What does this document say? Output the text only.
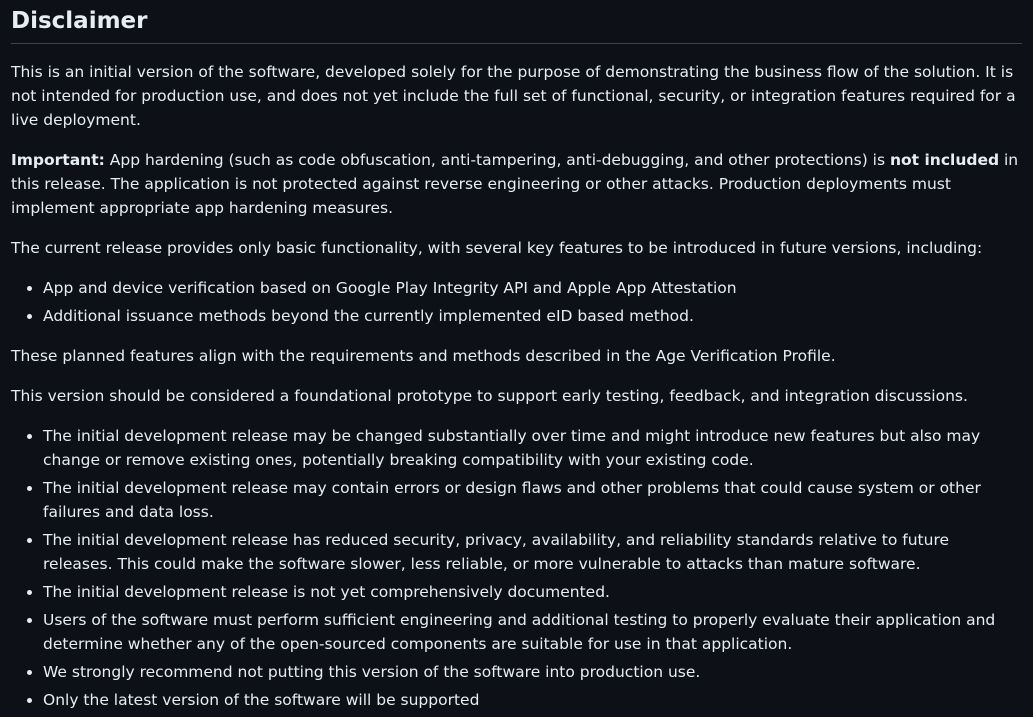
Disclaimer

This is an initial version of the software, developed solely for the purpose of demonstrating the business flow of the solution. It is not intended for production use, and does not yet include the full set of functional, security, or integration features required for a live deployment.

Important: App hardening (such as code obfuscation, anti-tampering, anti-debugging, and other protections) is not included in this release. The application is not protected against reverse engineering or other attacks. Production deployments must implement appropriate app hardening measures.

The current release provides only basic functionality, with several key features to be introduced in future versions, including:

• App and device verification based on Google Play Integrity API and Apple App Attestation
• Additional issuance methods beyond the currently implemented eID based method.

These planned features align with the requirements and methods described in the Age Verification Profile.

This version should be considered a foundational prototype to support early testing, feedback, and integration discussions.

• The initial development release may be changed substantially over time and might introduce new features but also may change or remove existing ones, potentially breaking compatibility with your existing code.
• The initial development release may contain errors or design flaws and other problems that could cause system or other failures and data loss.
• The initial development release has reduced security, privacy, availability, and reliability standards relative to future releases. This could make the software slower, less reliable, or more vulnerable to attacks than mature software.
• The initial development release is not yet comprehensively documented.
• Users of the software must perform sufficient engineering and additional testing to properly evaluate their application and determine whether any of the open-sourced components are suitable for use in that application.
• We strongly recommend not putting this version of the software into production use.
• Only the latest version of the software will be supported
